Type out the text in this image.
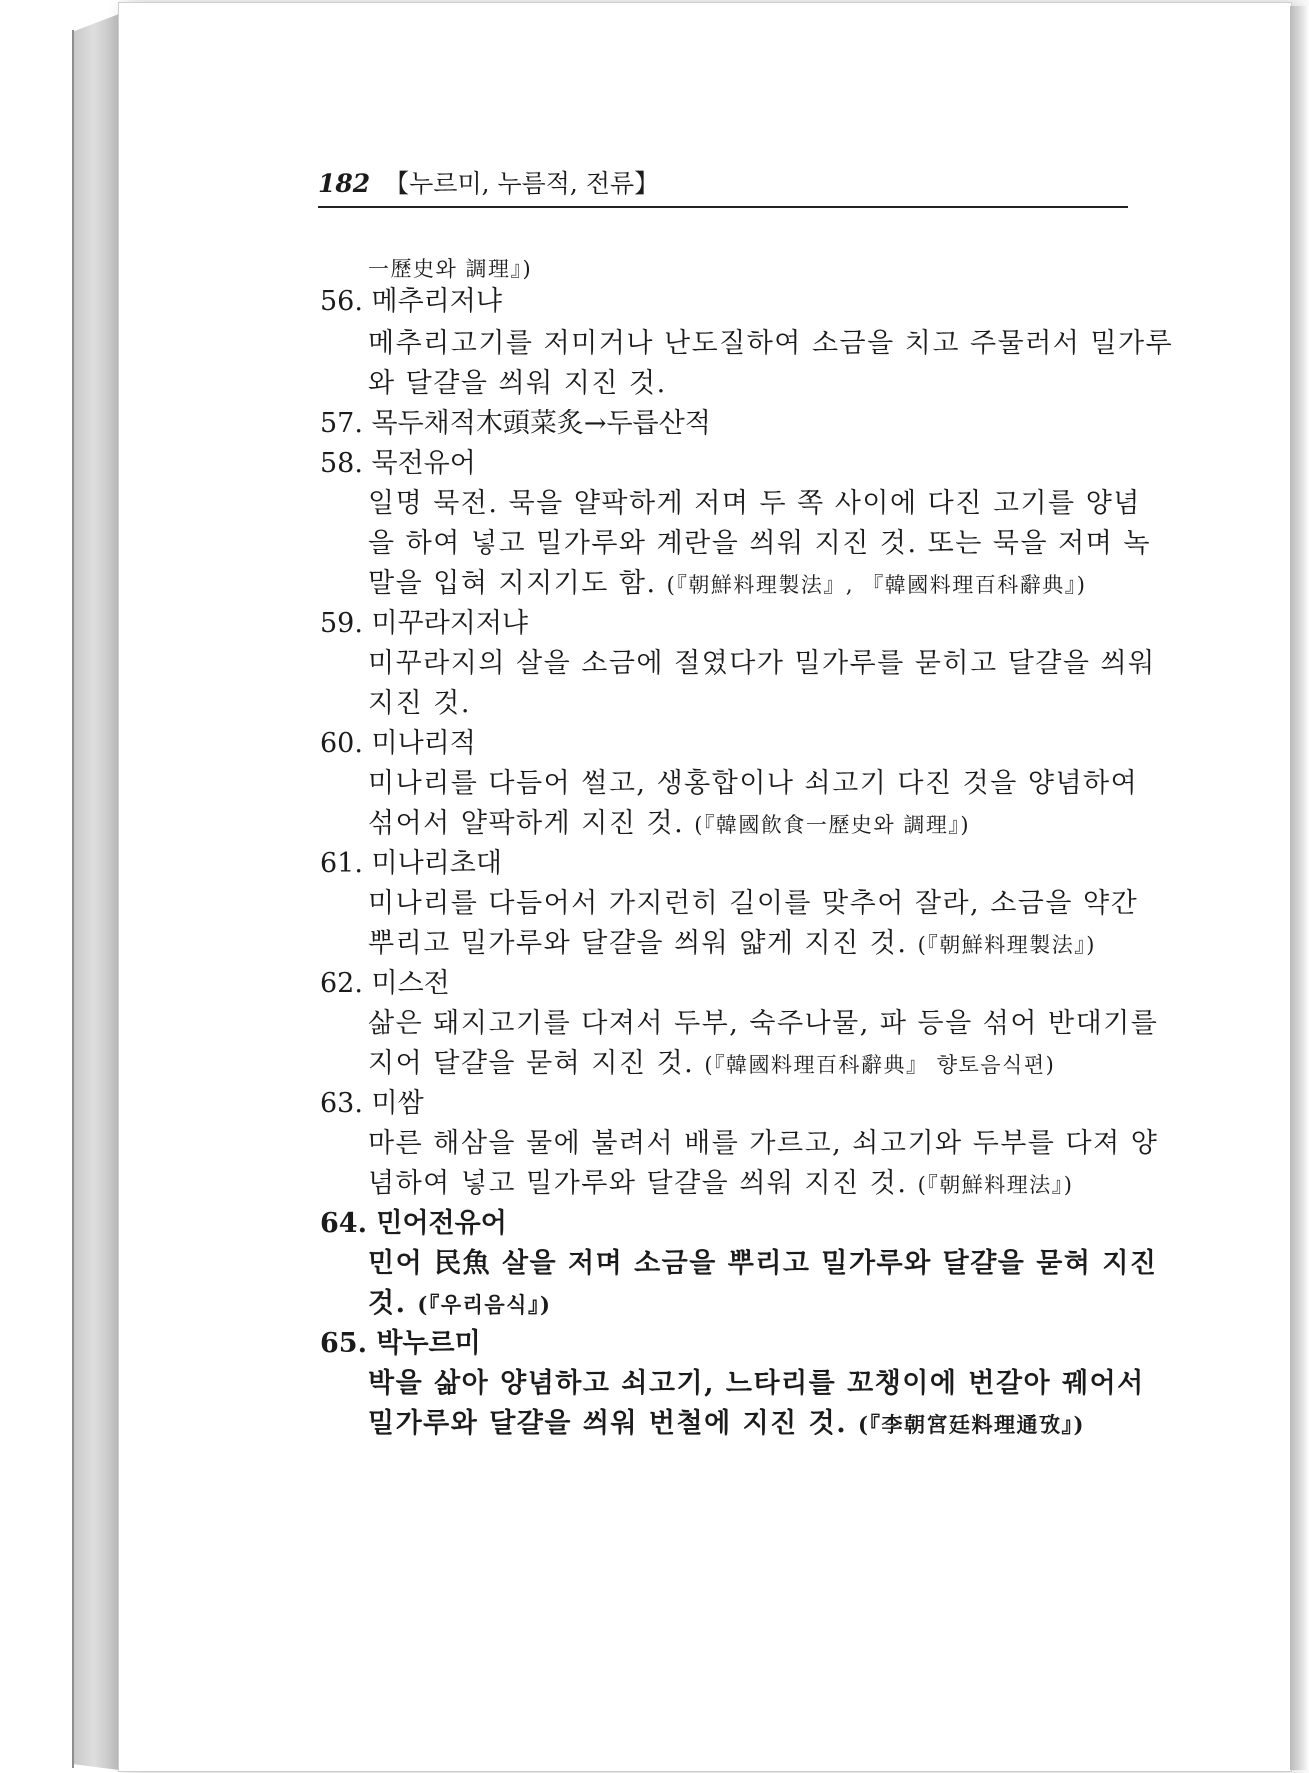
182 【누르미, 누름적, 전류】
一歷史와 調理』)
56. 메추리저냐
메추리고기를 저미거나 난도질하여 소금을 치고 주물러서 밀가루
와 달걀을 씌워 지진 것.
57. 목두채적木頭菜炙→두릅산적
58. 묵전유어
일명 묵전. 묵을 얄팍하게 저며 두 쪽 사이에 다진 고기를 양념
을 하여 넣고 밀가루와 계란을 씌워 지진 것. 또는 묵을 저며 녹
말을 입혀 지지기도 함. (『朝鮮料理製法』, 『韓國料理百科辭典』)
59. 미꾸라지저냐
미꾸라지의 살을 소금에 절였다가 밀가루를 묻히고 달걀을 씌워
지진 것.
60. 미나리적
미나리를 다듬어 썰고, 생홍합이나 쇠고기 다진 것을 양념하여
섞어서 얄팍하게 지진 것. (『韓國飮食一歷史와 調理』)
61. 미나리초대
미나리를 다듬어서 가지런히 길이를 맞추어 잘라, 소금을 약간
뿌리고 밀가루와 달걀을 씌워 얇게 지진 것. (『朝鮮料理製法』)
62. 미스전
삶은 돼지고기를 다져서 두부, 숙주나물, 파 등을 섞어 반대기를
지어 달걀을 묻혀 지진 것. (『韓國料理百科辭典』 향토음식편)
63. 미쌈
마른 해삼을 물에 불려서 배를 가르고, 쇠고기와 두부를 다져 양
념하여 넣고 밀가루와 달걀을 씌워 지진 것. (『朝鮮料理法』)
64. 민어전유어
민어 民魚 살을 저며 소금을 뿌리고 밀가루와 달걀을 묻혀 지진
것. (『우리음식』)
65. 박누르미
박을 삶아 양념하고 쇠고기, 느타리를 꼬챙이에 번갈아 꿰어서
밀가루와 달걀을 씌워 번철에 지진 것. (『李朝宮廷料理通攷』)
